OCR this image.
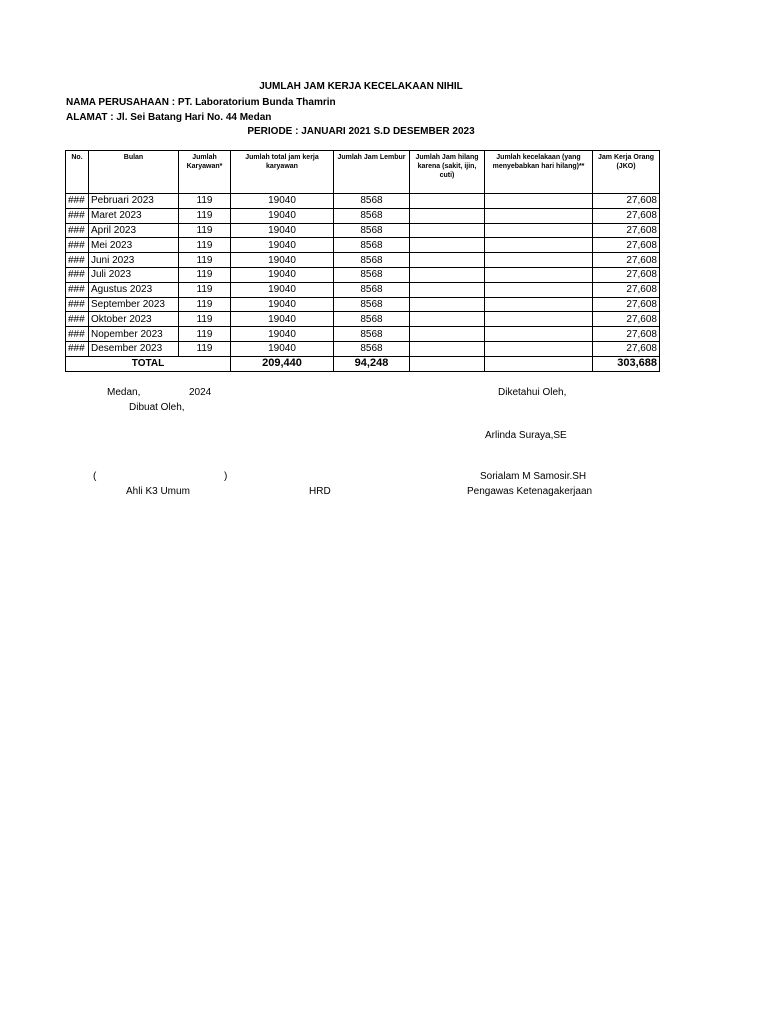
JUMLAH JAM KERJA KECELAKAAN NIHIL
NAMA PERUSAHAAN : PT. Laboratorium Bunda Thamrin
ALAMAT : Jl. Sei Batang Hari No. 44 Medan
PERIODE : JANUARI 2021 S.D DESEMBER 2023
No.	Bulan	Jumlah Karyawan*	Jumlah total jam kerja karyawan	Jumlah Jam Lembur	Jumlah Jam hilang karena (sakit, ijin, cuti)	Jumlah kecelakaan (yang menyebabkan hari hilang)**	Jam Kerja Orang (JKO)
###	Pebruari 2023	119	19040	8568			27,608
###	Maret 2023	119	19040	8568			27,608
###	April 2023	119	19040	8568			27,608
###	Mei 2023	119	19040	8568			27,608
###	Juni 2023	119	19040	8568			27,608
###	Juli 2023	119	19040	8568			27,608
###	Agustus 2023	119	19040	8568			27,608
###	September 2023	119	19040	8568			27,608
###	Oktober 2023	119	19040	8568			27,608
###	Nopember 2023	119	19040	8568			27,608
###	Desember 2023	119	19040	8568			27,608
TOTAL			209,440	94,248			303,688
Medan,	2024	Diketahui Oleh,
Dibuat Oleh,
Arlinda Suraya,SE
(	)	Sorialam M Samosir.SH
Ahli K3 Umum	HRD	Pengawas Ketenagakerjaan
